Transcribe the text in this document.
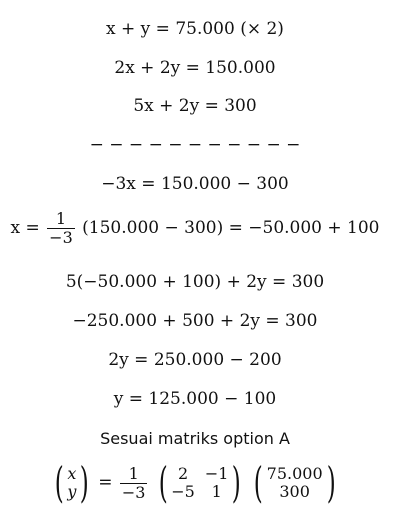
x + y = 75.000 (× 2)
2x + 2y = 150.000
5x + 2y = 300
− − − − − − − − − − −
−3x = 150.000 − 300
$x = \frac{1}{-3} (150.000 - 300) = -50.000 + 100$
5(−50.000 + 100) + 2y = 300
−250.000 + 500 + 2y = 300
2y = 250.000 − 200
y = 125.000 − 100
Sesuai matriks option A
( x
y ) = $\frac{1}{-3}$
( 2	−1
−5	1 )
( 75.000
300 )
